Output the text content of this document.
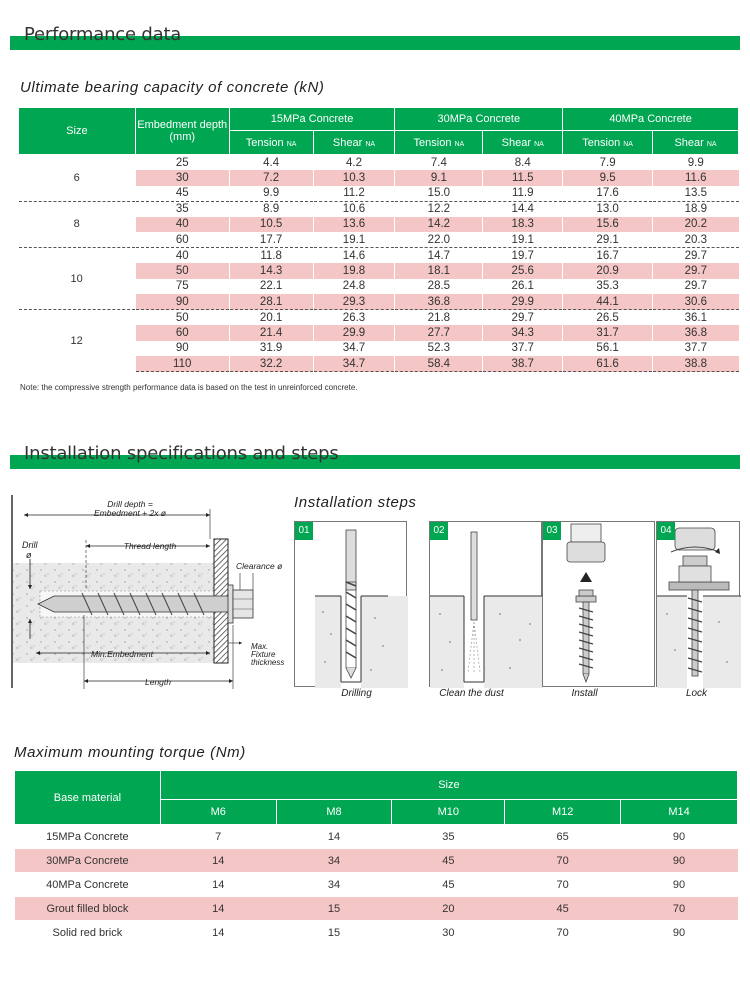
Performance data
Ultimate bearing capacity of concrete (kN)
Size	Embedment depth (mm)	15MPa Concrete		30MPa Concrete		40MPa Concrete	
		Tension NA	Shear NA	Tension NA	Shear NA	Tension NA	Shear NA
6	25	4.4	4.2	7.4	8.4	7.9	9.9
	30	7.2	10.3	9.1	11.5	9.5	11.6
	45	9.9	11.2	15.0	11.9	17.6	13.5
8	35	8.9	10.6	12.2	14.4	13.0	18.9
	40	10.5	13.6	14.2	18.3	15.6	20.2
	60	17.7	19.1	22.0	19.1	29.1	20.3
10	40	11.8	14.6	14.7	19.7	16.7	29.7
	50	14.3	19.8	18.1	25.6	20.9	29.7
	75	22.1	24.8	28.5	26.1	35.3	29.7
	90	28.1	29.3	36.8	29.9	44.1	30.6
12	50	20.1	26.3	21.8	29.7	26.5	36.1
	60	21.4	29.9	27.7	34.3	31.7	36.8
	90	31.9	34.7	52.3	37.7	56.1	37.7
	110	32.2	34.7	58.4	38.7	61.6	38.8
Note: the compressive strength performance data is based on the test in unreinforced concrete.
Installation specifications and steps
Drill depth =
Embedment + 2x ø
Drill
ø
Thread length
Clearance ø
Min.Embedment
Length
Max.
Fixture
thickness
Installation steps
01
Drilling
02
Clean the dust
03
Install
04
Lock
Maximum mounting torque (Nm)
Base material	Size				
	M6	M8	M10	M12	M14
15MPa Concrete	7	14	35	65	90
30MPa Concrete	14	34	45	70	90
40MPa Concrete	14	34	45	70	90
Grout filled block	14	15	20	45	70
Solid red brick	14	15	30	70	90
